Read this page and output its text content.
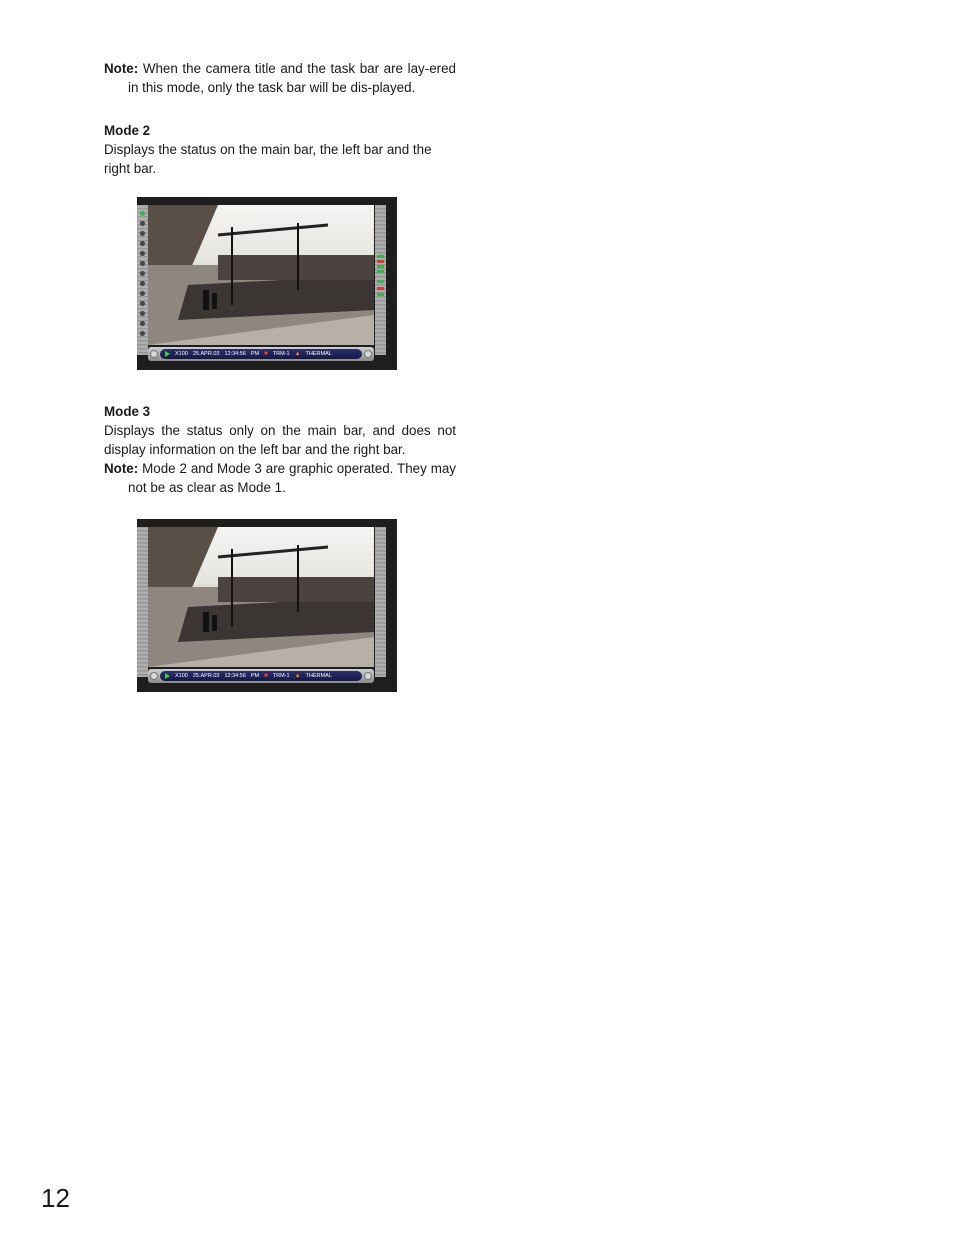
Note: When the camera title and the task bar are lay-ered in this mode, only the task bar will be dis-played.

Mode 2

Displays the status on the main bar, the left bar and the right bar.

X100 25.APR.03 12:34:56 PM ■ TRM-1 ▲ THERMAL

Mode 3

Displays the status only on the main bar, and does not display information on the left bar and the right bar.

Note: Mode 2 and Mode 3 are graphic operated. They may not be as clear as Mode 1.

X100 25.APR.03 12:34:56 PM ■ TRM-1 ▲ THERMAL
12
